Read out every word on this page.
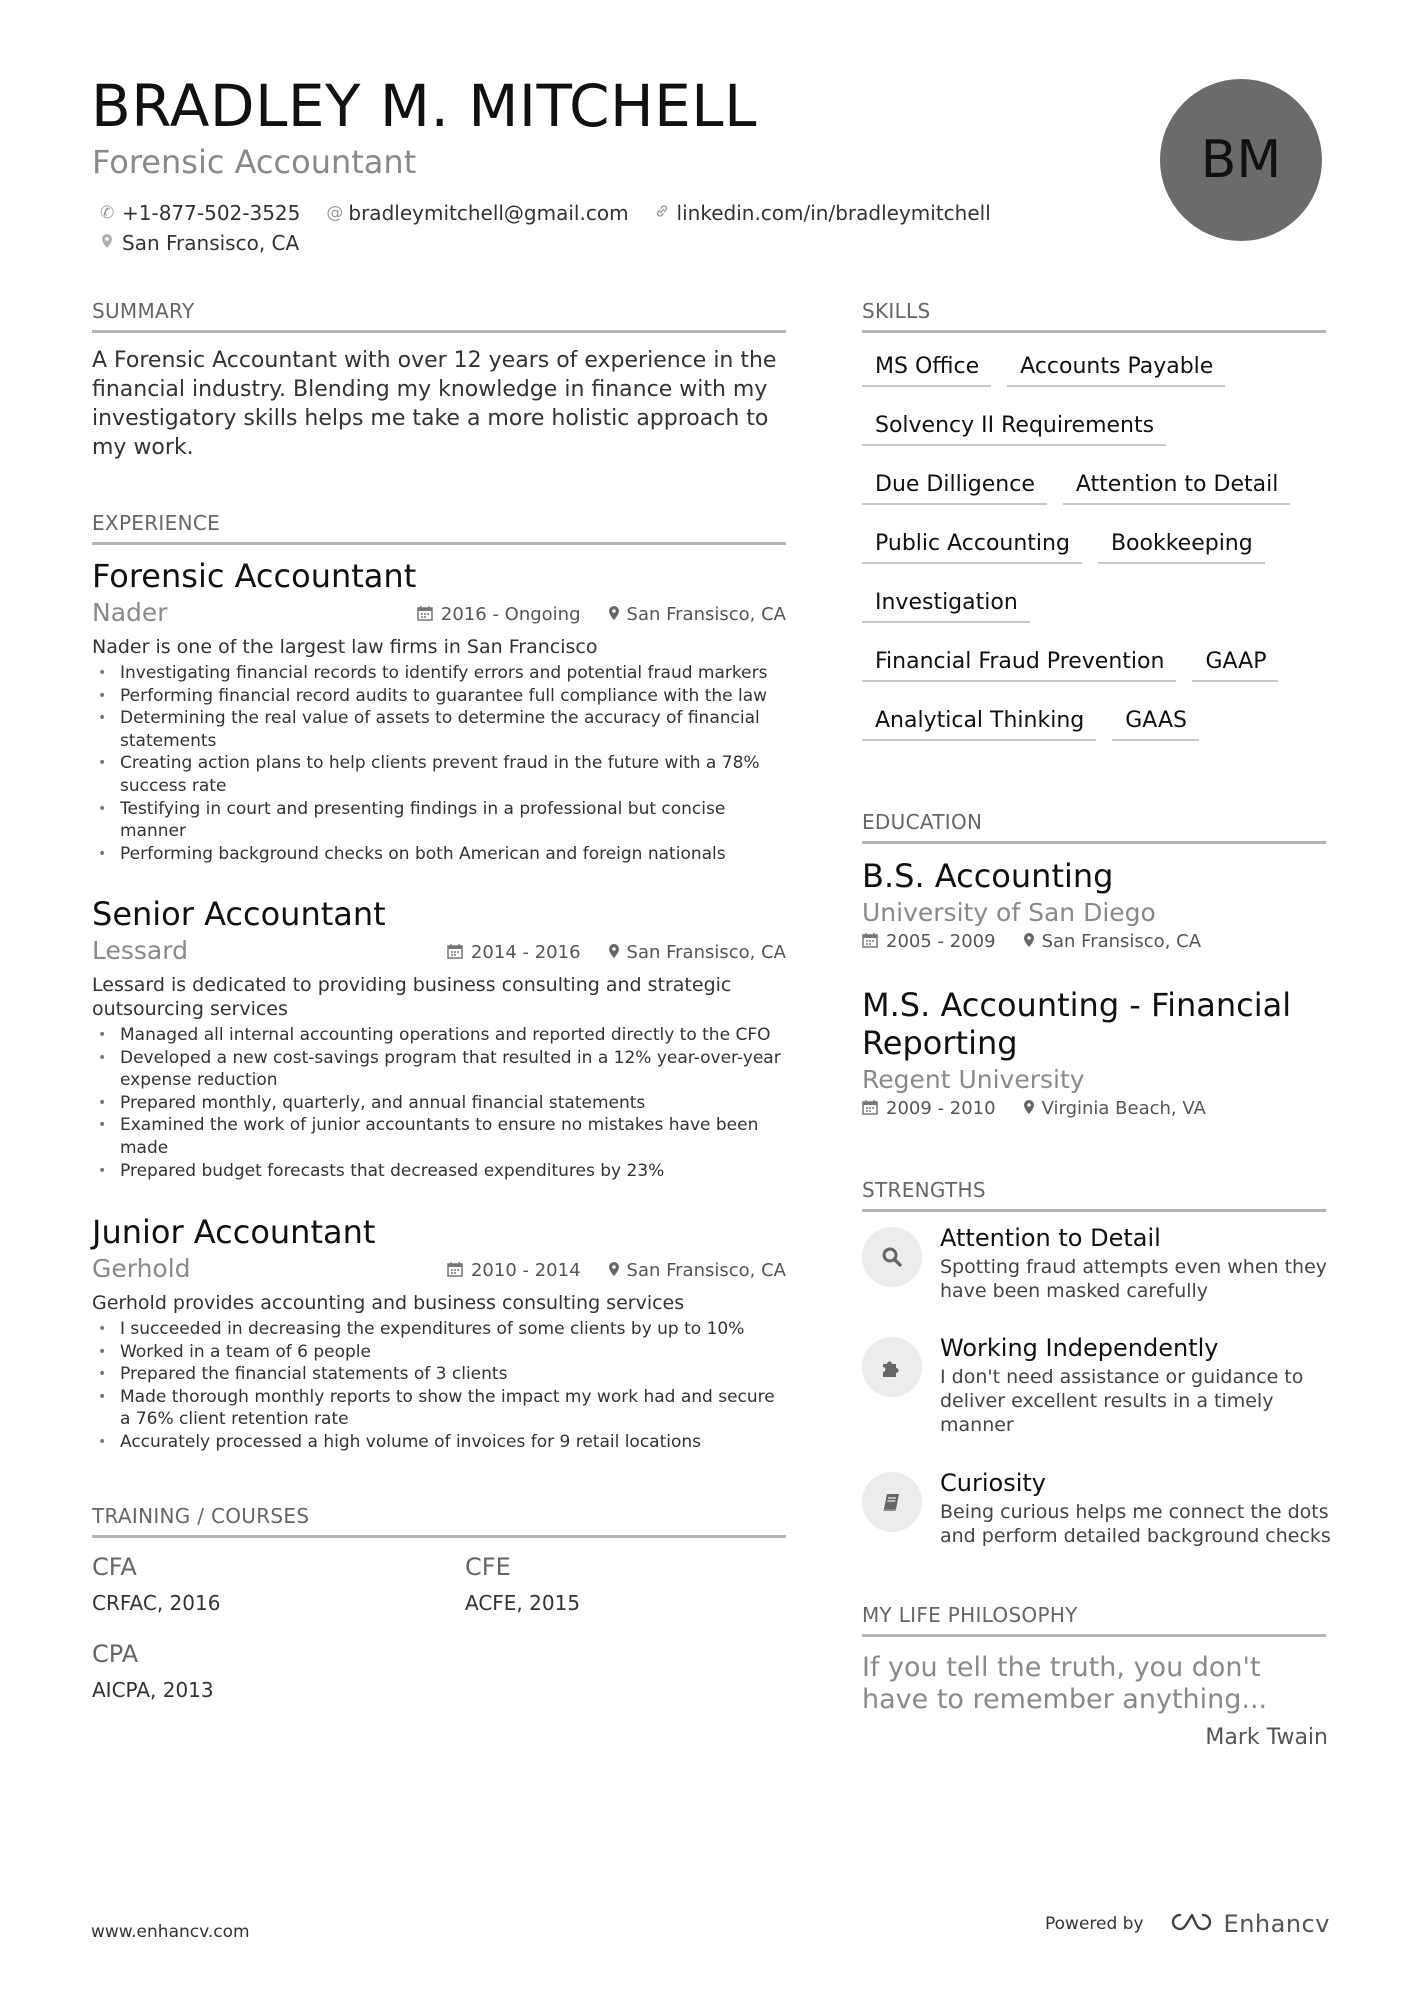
BRADLEY M. MITCHELL
Forensic Accountant
✆ +1-877-502-3525 @ bradleymitchell@gmail.com linkedin.com/in/bradleymitchell
San Fransisco, CA
BM
SUMMARY
A Forensic Accountant with over 12 years of experience in the financial industry. Blending my knowledge in finance with my investigatory skills helps me take a more holistic approach to my work.
EXPERIENCE
Forensic Accountant
Nader	2016 - Ongoing	San Fransisco, CA
Nader is one of the largest law firms in San Francisco
• Investigating financial records to identify errors and potential fraud markers
• Performing financial record audits to guarantee full compliance with the law
• Determining the real value of assets to determine the accuracy of financial statements
• Creating action plans to help clients prevent fraud in the future with a 78% success rate
• Testifying in court and presenting findings in a professional but concise manner
• Performing background checks on both American and foreign nationals
Senior Accountant
Lessard	2014 - 2016	San Fransisco, CA
Lessard is dedicated to providing business consulting and strategic outsourcing services
• Managed all internal accounting operations and reported directly to the CFO
• Developed a new cost-savings program that resulted in a 12% year-over-year expense reduction
• Prepared monthly, quarterly, and annual financial statements
• Examined the work of junior accountants to ensure no mistakes have been made
• Prepared budget forecasts that decreased expenditures by 23%
Junior Accountant
Gerhold	2010 - 2014	San Fransisco, CA
Gerhold provides accounting and business consulting services
• I succeeded in decreasing the expenditures of some clients by up to 10%
• Worked in a team of 6 people
• Prepared the financial statements of 3 clients
• Made thorough monthly reports to show the impact my work had and secure a 76% client retention rate
• Accurately processed a high volume of invoices for 9 retail locations
TRAINING / COURSES
CFA
CRFAC, 2016
CFE
ACFE, 2015
CPA
AICPA, 2013
SKILLS
MS Office	Accounts Payable
Solvency II Requirements
Due Dilligence	Attention to Detail
Public Accounting	Bookkeeping
Investigation
Financial Fraud Prevention	GAAP
Analytical Thinking	GAAS
EDUCATION
B.S. Accounting
University of San Diego
2005 - 2009	San Fransisco, CA
M.S. Accounting - Financial Reporting
Regent University
2009 - 2010	Virginia Beach, VA
STRENGTHS
Attention to Detail
Spotting fraud attempts even when they have been masked carefully
Working Independently
I don't need assistance or guidance to deliver excellent results in a timely manner
Curiosity
Being curious helps me connect the dots and perform detailed background checks
MY LIFE PHILOSOPHY
If you tell the truth, you don't have to remember anything...
Mark Twain
www.enhancv.com	Powered by	Enhancv
